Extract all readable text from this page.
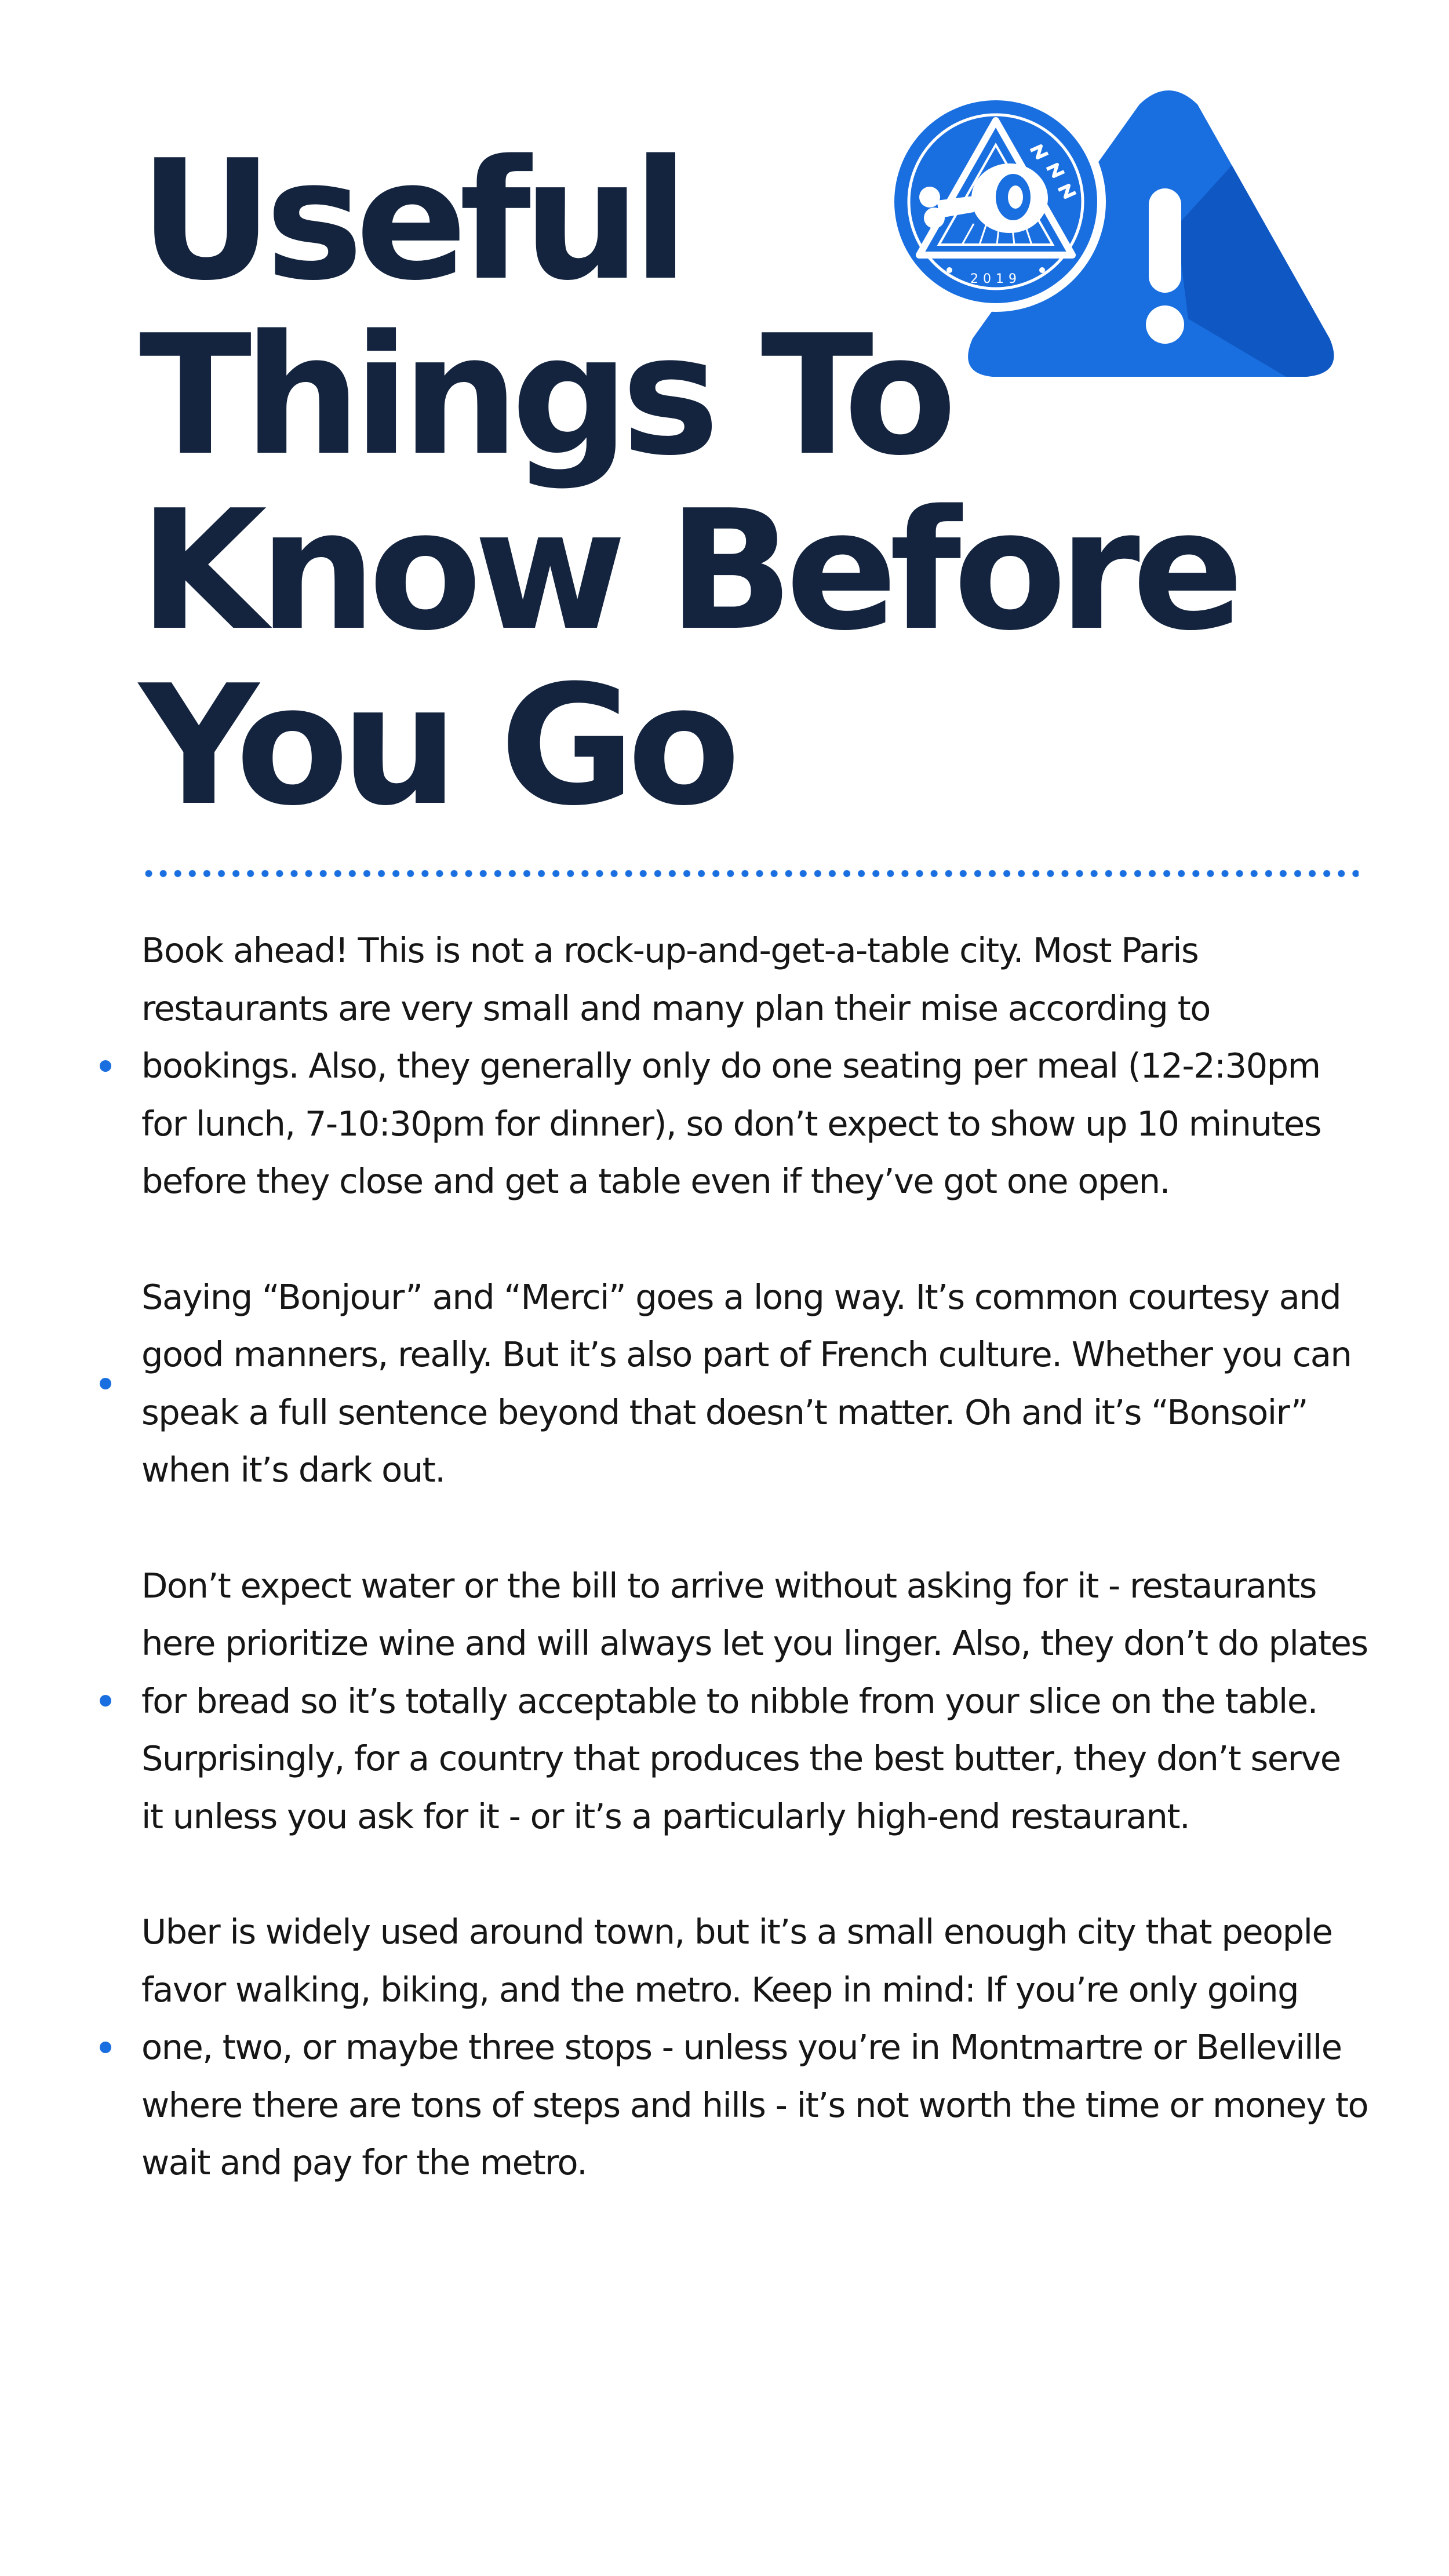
Useful
Things To
Know Before
You Go
2019
Book ahead! This is not a rock-up-and-get-a-table city. Most Paris restaurants are very small and many plan their mise according to bookings. Also, they generally only do one seating per meal (12-2:30pm for lunch, 7-10:30pm for dinner), so don’t expect to show up 10 minutes before they close and get a table even if they’ve got one open.
Saying “Bonjour” and “Merci” goes a long way. It’s common courtesy and good manners, really. But it’s also part of French culture. Whether you can speak a full sentence beyond that doesn’t matter. Oh and it’s “Bonsoir” when it’s dark out.
Don’t expect water or the bill to arrive without asking for it - restaurants here prioritize wine and will always let you linger. Also, they don’t do plates for bread so it’s totally acceptable to nibble from your slice on the table. Surprisingly, for a country that produces the best butter, they don’t serve it unless you ask for it - or it’s a particularly high-end restaurant.
Uber is widely used around town, but it’s a small enough city that people favor walking, biking, and the metro. Keep in mind: If you’re only going one, two, or maybe three stops - unless you’re in Montmartre or Belleville where there are tons of steps and hills - it’s not worth the time or money to wait and pay for the metro.
